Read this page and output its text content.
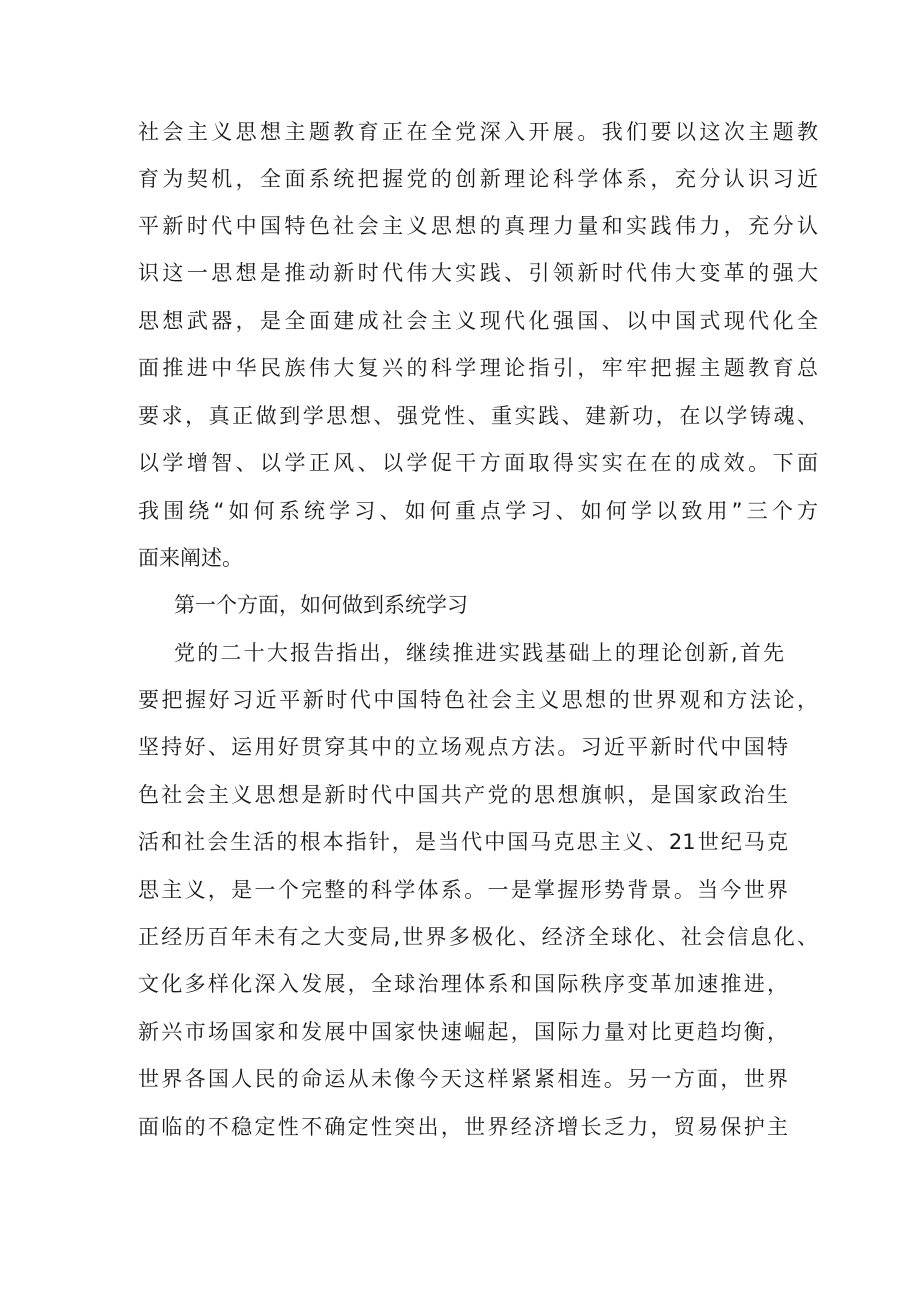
社会主义思想主题教育正在全党深入开展。我们要以这次主题教
育为契机，全面系统把握党的创新理论科学体系，充分认识习近
平新时代中国特色社会主义思想的真理力量和实践伟力，充分认
识这一思想是推动新时代伟大实践、引领新时代伟大变革的强大
思想武器，是全面建成社会主义现代化强国、以中国式现代化全
面推进中华民族伟大复兴的科学理论指引，牢牢把握主题教育总
要求，真正做到学思想、强党性、重实践、建新功，在以学铸魂、
以学增智、以学正风、以学促干方面取得实实在在的成效。下面
我围绕“如何系统学习、如何重点学习、如何学以致用”三个方
面来阐述。
第一个方面，如何做到系统学习
党的二十大报告指出，继续推进实践基础上的理论创新,首先
要把握好习近平新时代中国特色社会主义思想的世界观和方法论，
坚持好、运用好贯穿其中的立场观点方法。习近平新时代中国特
色社会主义思想是新时代中国共产党的思想旗帜，是国家政治生
活和社会生活的根本指针，是当代中国马克思主义、21世纪马克
思主义，是一个完整的科学体系。一是掌握形势背景。当今世界
正经历百年未有之大变局,世界多极化、经济全球化、社会信息化、
文化多样化深入发展，全球治理体系和国际秩序变革加速推进，
新兴市场国家和发展中国家快速崛起，国际力量对比更趋均衡，
世界各国人民的命运从未像今天这样紧紧相连。另一方面，世界
面临的不稳定性不确定性突出，世界经济增长乏力，贸易保护主
